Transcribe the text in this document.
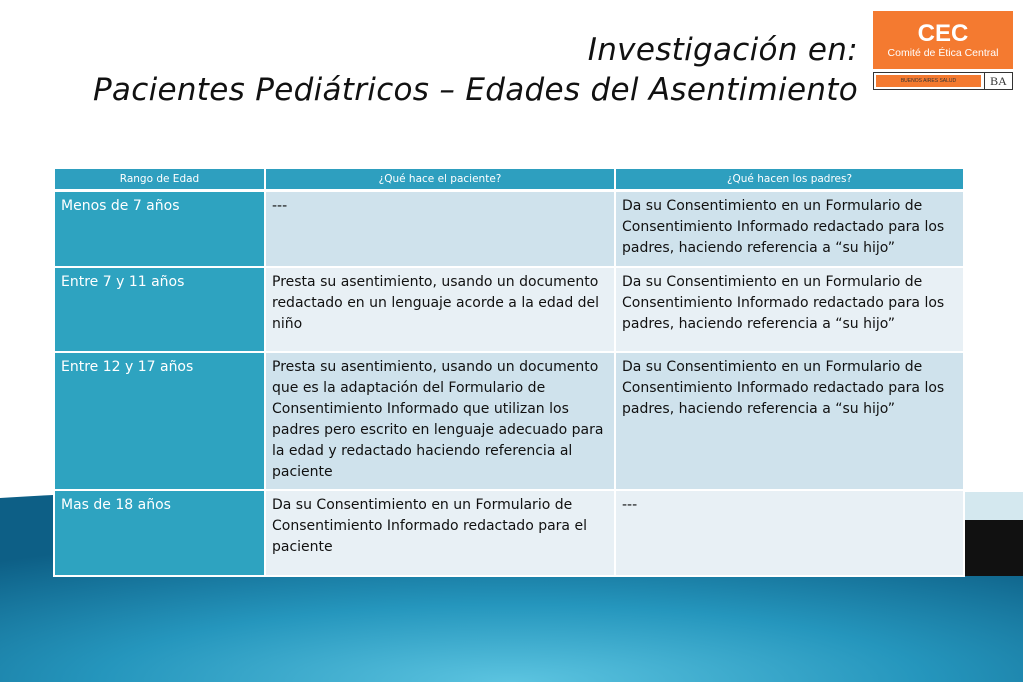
Investigación en:
Pacientes Pediátricos – Edades del Asentimiento
CEC
Comité de Ética Central
BUENOS AIRES SALUD	BA
Rango de Edad	¿Qué hace el paciente?	¿Qué hacen los padres?
Menos de 7 años	---	Da su Consentimiento en un Formulario de Consentimiento Informado redactado para los padres, haciendo referencia a “su hijo”
Entre 7 y 11 años	Presta su asentimiento, usando un documento redactado en un lenguaje acorde a la edad del niño	Da su Consentimiento en un Formulario de Consentimiento Informado redactado para los padres, haciendo referencia a “su hijo”
Entre 12 y 17 años	Presta su asentimiento, usando un documento que es la adaptación del Formulario de Consentimiento Informado que utilizan los padres pero escrito en lenguaje adecuado para la edad y redactado haciendo referencia al paciente	Da su Consentimiento en un Formulario de Consentimiento Informado redactado para los padres, haciendo referencia a “su hijo”
Mas de 18 años	Da su Consentimiento en un Formulario de Consentimiento Informado redactado para el paciente	---
